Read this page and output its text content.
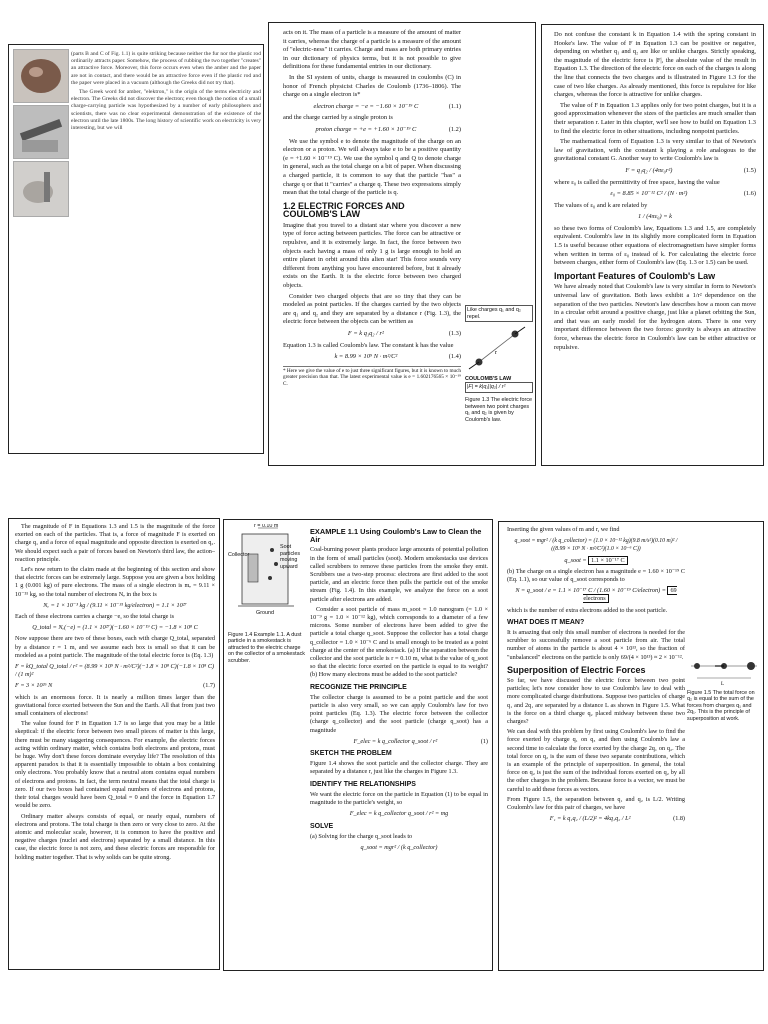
(parts B and C of Fig. 1.1) is quite striking because neither the fur nor the plastic rod ordinarily attracts paper. Somehow, the process of rubbing the two together "creates" an attractive force. Moreover, this force occurs even when the amber and the paper are not in contact, and there would be an attractive force even if the plastic rod and the paper were placed in a vacuum (although the Greeks did not try that).

The Greek word for amber, "elektron," is the origin of the terms electricity and electron. The Greeks did not discover the electron; even though the notion of a small charge-carrying particle was hypothesized by a number of early philosophers and scientists, there was no clear experimental demonstration of the existence of the electron until the late 1800s. The long history of scientific work on electricity is very interesting, but we will

acts on it. The mass of a particle is a measure of the amount of matter it carries, whereas the charge of a particle is a measure of the amount of "electric-ness" it carries. Charge and mass are both primary entries in our dictionary of physics terms, but it is not possible to give definitions for these fundamental entries in our dictionary.

In the SI system of units, charge is measured in coulombs (C) in honor of French physicist Charles de Coulomb (1736–1806). The charge on a single electron is*

electron charge = −e = −1.60 × 10⁻¹⁹ C	(1.1)

and the charge carried by a single proton is

proton charge = +e = +1.60 × 10⁻¹⁹ C	(1.2)

We use the symbol e to denote the magnitude of the charge on an electron or a proton. We will always take e to be a positive quantity (e = +1.60 × 10⁻¹⁹ C). We use the symbol q and Q to denote charge in general, such as the total charge on a bit of paper. When discussing a charged particle, it is common to say that the particle "has" a charge q or that it "carries" a charge q. These two expressions simply mean that the total charge of the particle is q.

1.2 ELECTRIC FORCES AND COULOMB'S LAW

Imagine that you travel to a distant star where you discover a new type of force acting between particles. The force can be attractive or repulsive, and it is extremely large. In fact, the force between two objects each having a mass of only 1 g is large enough to hold an entire planet in orbit around this alien star! This force sounds very different from anything you have encountered before, but it already exists on the Earth. It is the electric force between two charged objects.

Consider two charged objects that are so tiny that they can be modeled as point particles. If the charges carried by the two objects are q₁ and q₂ and they are separated by a distance r (Fig. 1.3), the electric force between the objects can be written as

F = k q₁q₂ / r²	(1.3)

Equation 1.3 is called Coulomb's law. The constant k has the value

k = 8.99 × 10⁹ N · m²/C²	(1.4)

* Here we give the value of e to just three significant figures, but it is known to much greater precision than that. The latest experimental value is e = 1.602176565 × 10⁻¹⁹ C.

Like charges q₁ and q₂ repel.
r
COULOMB'S LAW
|F| = k|q₁||q₂| / r²
Figure 1.3 The electric force between two point charges q₁ and q₂ is given by Coulomb's law.

Do not confuse the constant k in Equation 1.4 with the spring constant in Hooke's law. The value of F in Equation 1.3 can be positive or negative, depending on whether q₁ and q₂ are like or unlike charges. Strictly speaking, the magnitude of the electric force is |F|, the absolute value of the result in Equation 1.3. The direction of the electric force on each of the charges is along the line that connects the two charges and is illustrated in Figure 1.3 for the case of two like charges. As already mentioned, this force is repulsive for like charges, whereas the force is attractive for unlike charges.

The value of F in Equation 1.3 applies only for two point charges, but it is a good approximation whenever the sizes of the particles are much smaller than their separation r. Later in this chapter, we'll see how to build on Equation 1.3 to find the electric force in other situations, including nonpoint particles.

The mathematical form of Equation 1.3 is very similar to that of Newton's law of gravitation, with the constant k playing a role analogous to the gravitational constant G. Another way to write Coulomb's law is

F = q₁q₂ / (4πε₀r²)	(1.5)

where ε₀ is called the permittivity of free space, having the value

ε₀ = 8.85 × 10⁻¹² C² / (N · m²)	(1.6)

The values of ε₀ and k are related by

1 / (4πε₀) = k

so these two forms of Coulomb's law, Equations 1.3 and 1.5, are completely equivalent. Coulomb's law in its slightly more complicated form in Equation 1.5 is useful because other equations of electromagnetism have simpler forms when written in terms of ε₀ instead of k. For calculating the electric force between charges, either form of Coulomb's law (Eq. 1.3 or 1.5) can be used.

Important Features of Coulomb's Law

We have already noted that Coulomb's law is very similar in form to Newton's universal law of gravitation. Both laws exhibit a 1/r² dependence on the separation of the two particles. Newton's law describes how a moon can move in a circular orbit around a positive charge, just like a planet orbiting the Sun, and that was an early model for the hydrogen atom. There is one very important difference between the two forces: gravity is always an attractive force, whereas the electric force in Coulomb's law can be either attractive or repulsive.

The magnitude of F in Equations 1.3 and 1.5 is the magnitude of the force exerted on each of the particles. That is, a force of magnitude F is exerted on charge q₁ and a force of equal magnitude and opposite direction is exerted on q₂. We should expect such a pair of forces based on Newton's third law, the action–reaction principle.

Let's now return to the claim made at the beginning of this section and show that electric forces can be extremely large. Suppose you are given a box holding 1 g (0.001 kg) of pure electrons. The mass of a single electron is mₑ = 9.11 × 10⁻³¹ kg, so the total number of electrons Nₑ in the box is

Nₑ = 1 × 10⁻³ kg / (9.11 × 10⁻³¹ kg/electron) = 1.1 × 10²⁷

Each of these electrons carries a charge −e, so the total charge is

Q_total = Nₑ(−e) = (1.1 × 10²⁷)(−1.60 × 10⁻¹⁹ C) = −1.8 × 10⁸ C

Now suppose there are two of these boxes, each with charge Q_total, separated by a distance r = 1 m, and we assume each box is small so that it can be modeled as a point particle. The magnitude of the total electric force is (Eq. 1.3)

F = kQ_total Q_total / r² = (8.99 × 10⁹ N · m²/C²)(−1.8 × 10⁸ C)(−1.8 × 10⁸ C) / (1 m)²
F = 3 × 10²⁶ N	(1.7)

which is an enormous force. It is nearly a million times larger than the gravitational force exerted between the Sun and the Earth. All that from just two small containers of electrons!

The value found for F in Equation 1.7 is so large that you may be a little skeptical: if the electric force between two small pieces of matter is this large, there must be many staggering consequences. For example, the electric forces acting within ordinary matter, which contains both electrons and protons, must be huge. Why don't these forces dominate everyday life? The resolution of this apparent paradox is that it is essentially impossible to obtain a box containing only electrons. You probably know that a neutral atom contains equal numbers of electrons and protons. In fact, the term neutral means that the total charge is zero. If our two boxes had contained equal numbers of electrons and protons, their total charges would have been Q_total = 0 and the force in Equation 1.7 would be zero.

Ordinary matter always consists of equal, or nearly equal, numbers of electrons and protons. The total charge is then zero or very close to zero. At the atomic and molecular scale, however, it is common to have the positive and negative charges (nuclei and electrons) separated by a small distance. In this case, the electric force is not zero, and these electric forces are responsible for holding matter together. That is why solids can be quite strong.

r = 0.10 m
Collector
Soot particles moving upward
Ground
Figure 1.4 Example 1.1. A dust particle in a smokestack is attracted to the electric charge on the collector of a smokestack scrubber.
EXAMPLE 1.1 Using Coulomb's Law to Clean the Air

Coal-burning power plants produce large amounts of potential pollution in the form of small particles (soot). Modern smokestacks use devices called scrubbers to remove these particles from the smoke they emit. Scrubbers use a two-step process: electrons are first added to the soot particle, and an electric force then pulls the particle out of the smoke stream (Fig. 1.4). In this example, we analyze the force on a soot particle after electrons are added.

Consider a soot particle of mass m_soot = 1.0 nanogram (= 1.0 × 10⁻⁹ g = 1.0 × 10⁻¹² kg), which corresponds to a diameter of a few microns. Some number of electrons have been added to give the particle a total charge q_soot. Suppose the collector has a total charge q_collector = 1.0 × 10⁻⁶ C and is small enough to be treated as a point charge at the center of the smokestack. (a) If the separation between the collector and the soot particle is r = 0.10 m, what is the value of q_soot so that the electric force exerted on the particle is equal to its weight? (b) How many electrons must be added to the soot particle?

RECOGNIZE THE PRINCIPLE

The collector charge is assumed to be a point particle and the soot particle is also very small, so we can apply Coulomb's law for two point particles (Eq. 1.3). The electric force between the collector (charge q_collector) and the soot particle (charge q_soot) has a magnitude

F_elec = k q_collector q_soot / r²	(1)
SKETCH THE PROBLEM

Figure 1.4 shows the soot particle and the collector charge. They are separated by a distance r, just like the charges in Figure 1.3.

IDENTIFY THE RELATIONSHIPS

We want the electric force on the particle in Equation (1) to be equal in magnitude to the particle's weight, so

F_elec = k q_collector q_soot / r² = mg
SOLVE

(a) Solving for the charge q_soot leads to

q_soot = mgr² / (k q_collector)

Inserting the given values of m and r, we find

q_soot = mgr² / (k q_collector) = (1.0 × 10⁻¹² kg)(9.8 m/s²)(0.10 m)² / ((8.99 × 10⁹ N · m²/C²)(1.0 × 10⁻⁶ C))
q_soot = 1.1 × 10⁻¹⁷ C

(b) The charge on a single electron has a magnitude e = 1.60 × 10⁻¹⁹ C (Eq. 1.1), so our value of q_soot corresponds to

N = q_soot / e = 1.1 × 10⁻¹⁷ C / (1.60 × 10⁻¹⁹ C/electron) = 69 electrons

which is the number of extra electrons added to the soot particle.

WHAT DOES IT MEAN?

It is amazing that only this small number of electrons is needed for the scrubber to successfully remove a soot particle from air. The total number of atoms in the particle is about 4 × 10¹³, so the fraction of "unbalanced" electrons on the particle is only 69/(4 × 10¹³) ≈ 2 × 10⁻¹².

Superposition of Electric Forces

So far, we have discussed the electric force between two point particles; let's now consider how to use Coulomb's law to deal with more complicated charge distributions. Suppose two particles of charge q₁ and 2q₁ are separated by a distance L as shown in Figure 1.5. What is the force on a third charge q₂ placed midway between these two charges?

We can deal with this problem by first using Coulomb's law to find the force exerted by charge q₁ on q₃ and then using Coulomb's law a second time to calculate the force exerted by the charge 2q₁ on q₂. The total force on q₂ is the sum of these two separate contributions, which is an example of the principle of superposition. In general, the total force on q₂ is just the sum of the individual forces exerted on q₂ by all the other charges in the problem. Because force is a vector, we must be careful to add these forces as vectors.

From Figure 1.5, the separation between q₁ and q₂ is L/2. Writing Coulomb's law for this pair of charges, we have

F₁ = k q₁q₂ / (L/2)² = 4kq₁q₂ / L²	(1.8)
L
Figure 1.5 The total force on q₂ is equal to the sum of the forces from charges q₁ and 2q₁. This is the principle of superposition at work.
